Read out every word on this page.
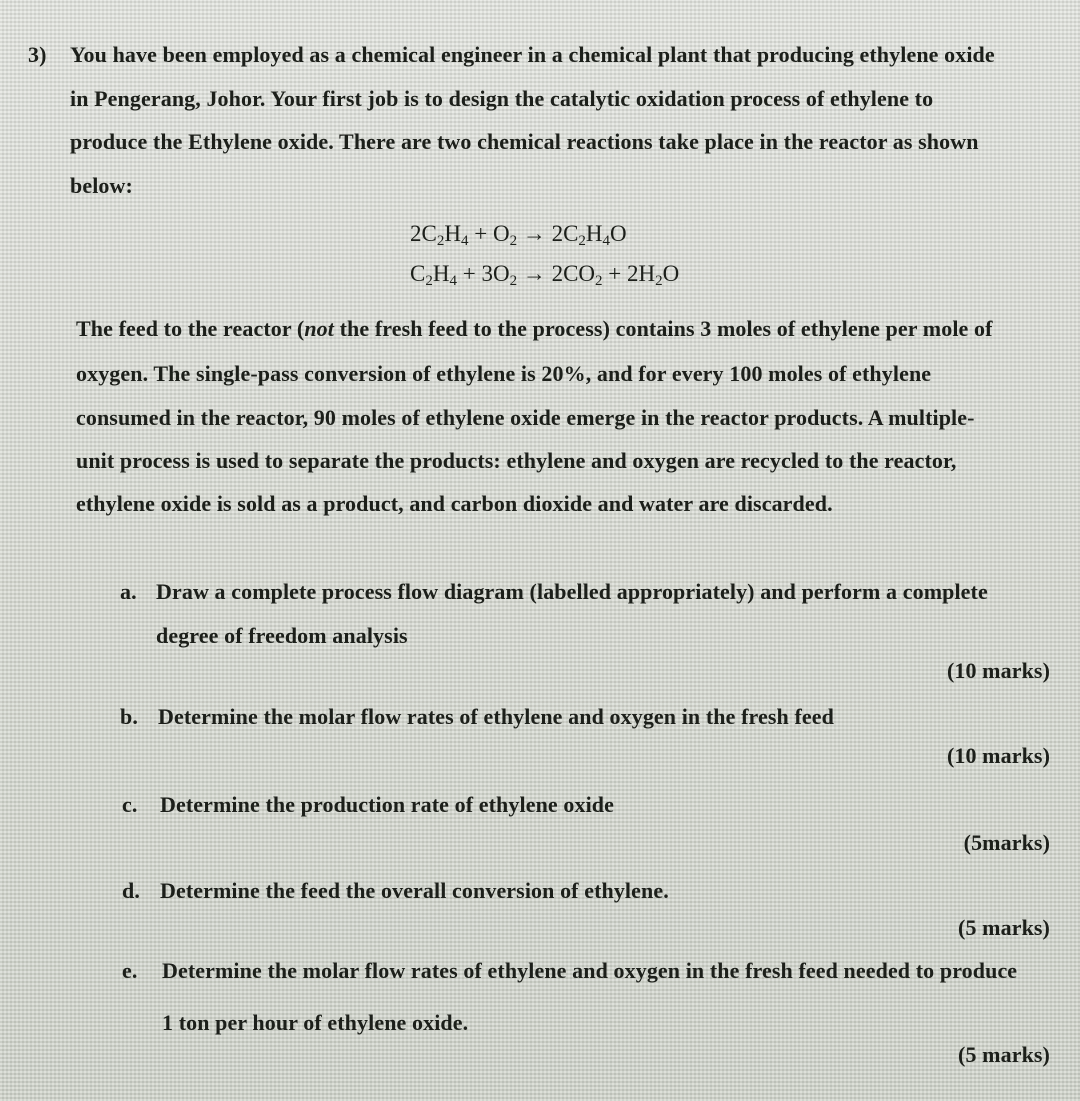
3) You have been employed as a chemical engineer in a chemical plant that producing ethylene oxide
in Pengerang, Johor. Your first job is to design the catalytic oxidation process of ethylene to
produce the Ethylene oxide. There are two chemical reactions take place in the reactor as shown
below:
$2C_2H_4 + O_2 \to 2C_2H_4O$
$C_2H_4 + 3O_2 \to 2CO_2 + 2H_2O$
The feed to the reactor (not the fresh feed to the process) contains 3 moles of ethylene per mole of
oxygen. The single-pass conversion of ethylene is 20%, and for every 100 moles of ethylene
consumed in the reactor, 90 moles of ethylene oxide emerge in the reactor products. A multiple-
unit process is used to separate the products: ethylene and oxygen are recycled to the reactor,
ethylene oxide is sold as a product, and carbon dioxide and water are discarded.
a. Draw a complete process flow diagram (labelled appropriately) and perform a complete
degree of freedom analysis
(10 marks)
b. Determine the molar flow rates of ethylene and oxygen in the fresh feed
(10 marks)
c. Determine the production rate of ethylene oxide
(5marks)
d. Determine the feed the overall conversion of ethylene.
(5 marks)
e. Determine the molar flow rates of ethylene and oxygen in the fresh feed needed to produce
1 ton per hour of ethylene oxide.
(5 marks)
